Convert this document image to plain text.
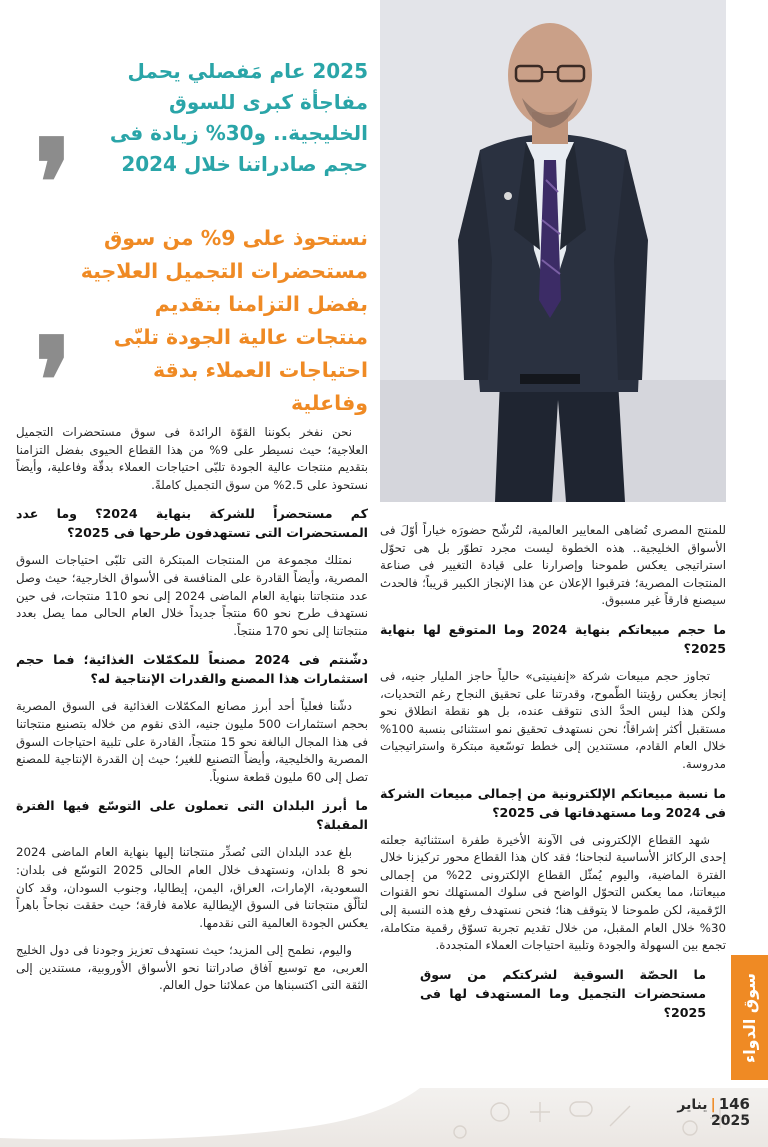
2025 عام مَفصلي يحمل مفاجأة كبرى للسوق الخليجية.. و30% زيادة فى حجم صادراتنا خلال 2024
❜	نستحوذ على 9% من سوق مستحضرات التجميل العلاجية بفضل التزامنا بتقديم منتجات عالية الجودة تلبّى احتياجات العملاء بدقة وفاعلية
❜

نحن نفخر بكوننا القوّة الرائدة فى سوق مستحضرات التجميل العلاجية؛ حيث نسيطر على 9% من هذا القطاع الحيوى بفضل التزامنا بتقديم منتجات عالية الجودة تلبّى احتياجات العملاء بدقّة وفاعلية، وأيضاً نستحوذ على 2.5% من سوق التجميل كاملةً.

كم مستحضراً للشركة بنهاية 2024؟ وما عدد المستحضرات التى تستهدفون طرحها فى 2025؟

نمتلك مجموعة من المنتجات المبتكرة التى تلبّى احتياجات السوق المصرية، وأيضاً القادرة على المنافسة فى الأسواق الخارجية؛ حيث وصل عدد منتجاتنا بنهاية العام الماضى 2024 إلى نحو 110 منتجات، فى حين نستهدف طرح نحو 60 منتجاً جديداً خلال العام الحالى مما يصل بعدد منتجاتنا إلى نحو 170 منتجاً.

دشّنتم فى 2024 مصنعاً للمكمّلات الغذائية؛ فما حجم استثمارات هذا المصنع والقدرات الإنتاجية له؟

دشّنا فعلياً أحد أبرز مصانع المكمّلات الغذائية فى السوق المصرية بحجم استثمارات 500 مليون جنيه، الذى نقوم من خلاله بتصنيع منتجاتنا فى هذا المجال البالغة نحو 15 منتجاً، القادرة على تلبية احتياجات السوق المصرية والخليجية، وأيضاً التصنيع للغير؛ حيث إن القدرة الإنتاجية للمصنع تصل إلى 60 مليون قطعة سنوياً.

ما أبرز البلدان التى تعملون على التوسّع فيها الفترة المقبلة؟

بلغ عدد البلدان التى نُصدِّر منتجاتنا إليها بنهاية العام الماضى 2024 نحو 8 بلدان، ونستهدف خلال العام الحالى 2025 التوسّع فى بلدان: السعودية، الإمارات، العراق، اليمن، إيطاليا، وجنوب السودان، وقد كان لتألّق منتجاتنا فى السوق الإيطالية علامة فارقة؛ حيث حققت نجاحاً باهراً يعكس الجودة العالمية التى نقدمها.

واليوم، نطمح إلى المزيد؛ حيث نستهدف تعزيز وجودنا فى دول الخليج العربى، مع توسيع آفاق صادراتنا نحو الأسواق الأوروبية، مستندين إلى الثقة التى اكتسبناها من عملائنا حول العالم.

للمنتج المصرى تُضاهى المعايير العالمية، لتُرشّح حضورَه خياراً أوّلَ فى الأسواق الخليجية.. هذه الخطوة ليست مجرد تطوّر بل هى تحوّل استراتيجى يعكس طموحنا وإصرارنا على قيادة التغيير فى صناعة المنتجات المصرية؛ فترقبوا الإعلان عن هذا الإنجاز الكبير قريباً؛ فالحدث سيصنع فارقاً غير مسبوق.

ما حجم مبيعاتكم بنهاية 2024 وما المتوقع لها بنهاية 2025؟

تجاوز حجم مبيعات شركة «إنفينيتى» حالياً حاجز المليار جنيه، فى إنجاز يعكس رؤيتنا الطّموح، وقدرتنا على تحقيق النجاح رغم التحديات، ولكن هذا ليس الحدَّ الذى نتوقف عنده، بل هو نقطة انطلاق نحو مستقبل أكثر إشراقاً؛ نحن نستهدف تحقيق نمو استثنائى بنسبة 100% خلال العام القادم، مستندين إلى خطط توسّعية مبتكرة واستراتيجيات مدروسة.

ما نسبة مبيعاتكم الإلكترونية من إجمالى مبيعات الشركة فى 2024 وما مستهدفاتها فى 2025؟

شهد القطاع الإلكترونى فى الآونة الأخيرة طفرة استثنائية جعلته إحدى الركائز الأساسية لنجاحنا؛ فقد كان هذا القطاع محور تركيزنا خلال الفترة الماضية، واليوم يُمثّل القطاع الإلكترونى 22% من إجمالى مبيعاتنا، مما يعكس التحوّل الواضح فى سلوك المستهلك نحو القنوات الرّقمية، لكن طموحنا لا يتوقف هنا؛ فنحن نستهدف رفع هذه النسبة إلى 30% خلال العام المقبل، من خلال تقديم تجربة تسوّق رقمية متكاملة، تجمع بين السهولة والجودة وتلبية احتياجات العملاء المتجددة.

ما الحصّة السوقية لشركتكم من سوق مستحضرات التجميل وما المستهدف لها فى 2025؟	سوق الدواء
146|يناير 2025
